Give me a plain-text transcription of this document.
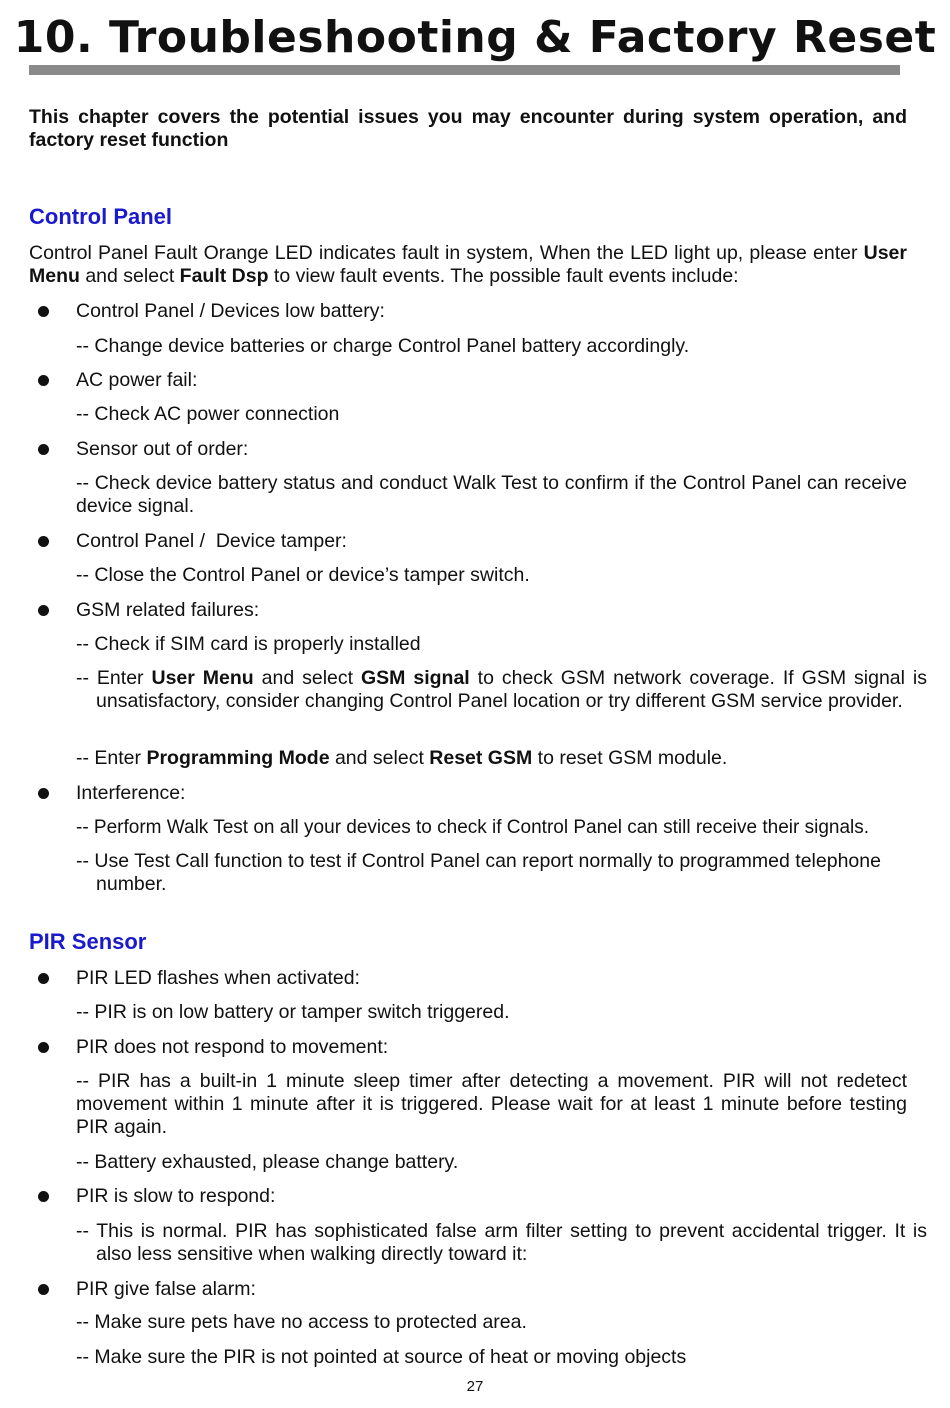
10. Troubleshooting & Factory Reset

This chapter covers the potential issues you may encounter during system operation, and factory reset function

Control Panel

Control Panel Fault Orange LED indicates fault in system, When the LED light up, please enter User Menu and select Fault Dsp to view fault events. The possible fault events include:

Control Panel / Devices low battery:

-- Change device batteries or charge Control Panel battery accordingly.

AC power fail:

-- Check AC power connection

Sensor out of order:

-- Check device battery status and conduct Walk Test to confirm if the Control Panel can receive device signal.

Control Panel /  Device tamper:

-- Close the Control Panel or device’s tamper switch.

GSM related failures:

-- Check if SIM card is properly installed

-- Enter User Menu and select GSM signal to check GSM network coverage. If GSM signal is unsatisfactory, consider changing Control Panel location or try different GSM service provider.

-- Enter Programming Mode and select Reset GSM to reset GSM module.

Interference:

-- Perform Walk Test on all your devices to check if Control Panel can still receive their signals.

-- Use Test Call function to test if Control Panel can report normally to programmed telephone number.

PIR Sensor
PIR LED flashes when activated:

-- PIR is on low battery or tamper switch triggered.

PIR does not respond to movement:

-- PIR has a built-in 1 minute sleep timer after detecting a movement. PIR will not redetect movement within 1 minute after it is triggered. Please wait for at least 1 minute before testing PIR again.

-- Battery exhausted, please change battery.

PIR is slow to respond:

-- This is normal. PIR has sophisticated false arm filter setting to prevent accidental trigger. It is also less sensitive when walking directly toward it:

PIR give false alarm:

-- Make sure pets have no access to protected area.

-- Make sure the PIR is not pointed at source of heat or moving objects

27
